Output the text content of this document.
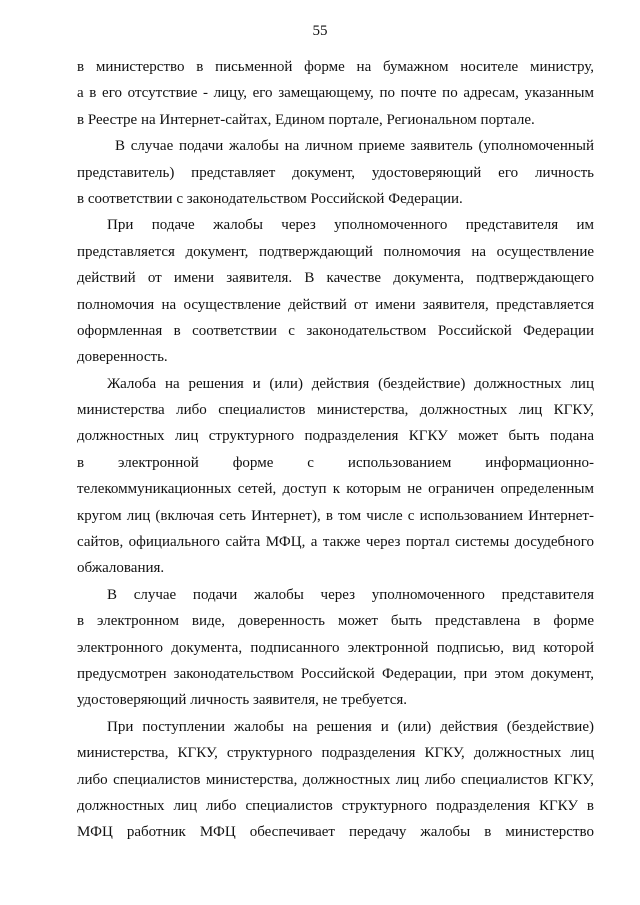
55
в министерство в письменной форме на бумажном носителе министру,
а в его отсутствие - лицу, его замещающему, по почте по адресам, указанным
в Реестре на Интернет-сайтах, Едином портале, Региональном портале.
В случае подачи жалобы на личном приеме заявитель (уполномоченный
представитель) представляет документ, удостоверяющий его личность
в соответствии с законодательством Российской Федерации.
При подаче жалобы через уполномоченного представителя им
представляется документ, подтверждающий полномочия на осуществление
действий от имени заявителя. В качестве документа, подтверждающего
полномочия на осуществление действий от имени заявителя, представляется
оформленная в соответствии с законодательством Российской Федерации
доверенность.
Жалоба на решения и (или) действия (бездействие) должностных лиц
министерства либо специалистов министерства, должностных лиц КГКУ,
должностных лиц структурного подразделения КГКУ может быть подана
в электронной форме с использованием информационно-
телекоммуникационных сетей, доступ к которым не ограничен определенным
кругом лиц (включая сеть Интернет), в том числе с использованием Интернет-
сайтов, официального сайта МФЦ, а также через портал системы досудебного
обжалования.
В случае подачи жалобы через уполномоченного представителя
в электронном виде, доверенность может быть представлена в форме
электронного документа, подписанного электронной подписью, вид которой
предусмотрен законодательством Российской Федерации, при этом документ,
удостоверяющий личность заявителя, не требуется.
При поступлении жалобы на решения и (или) действия (бездействие)
министерства, КГКУ, структурного подразделения КГКУ, должностных лиц
либо специалистов министерства, должностных лиц либо специалистов КГКУ,
должностных лиц либо специалистов структурного подразделения КГКУ в
МФЦ работник МФЦ обеспечивает передачу жалобы в министерство
